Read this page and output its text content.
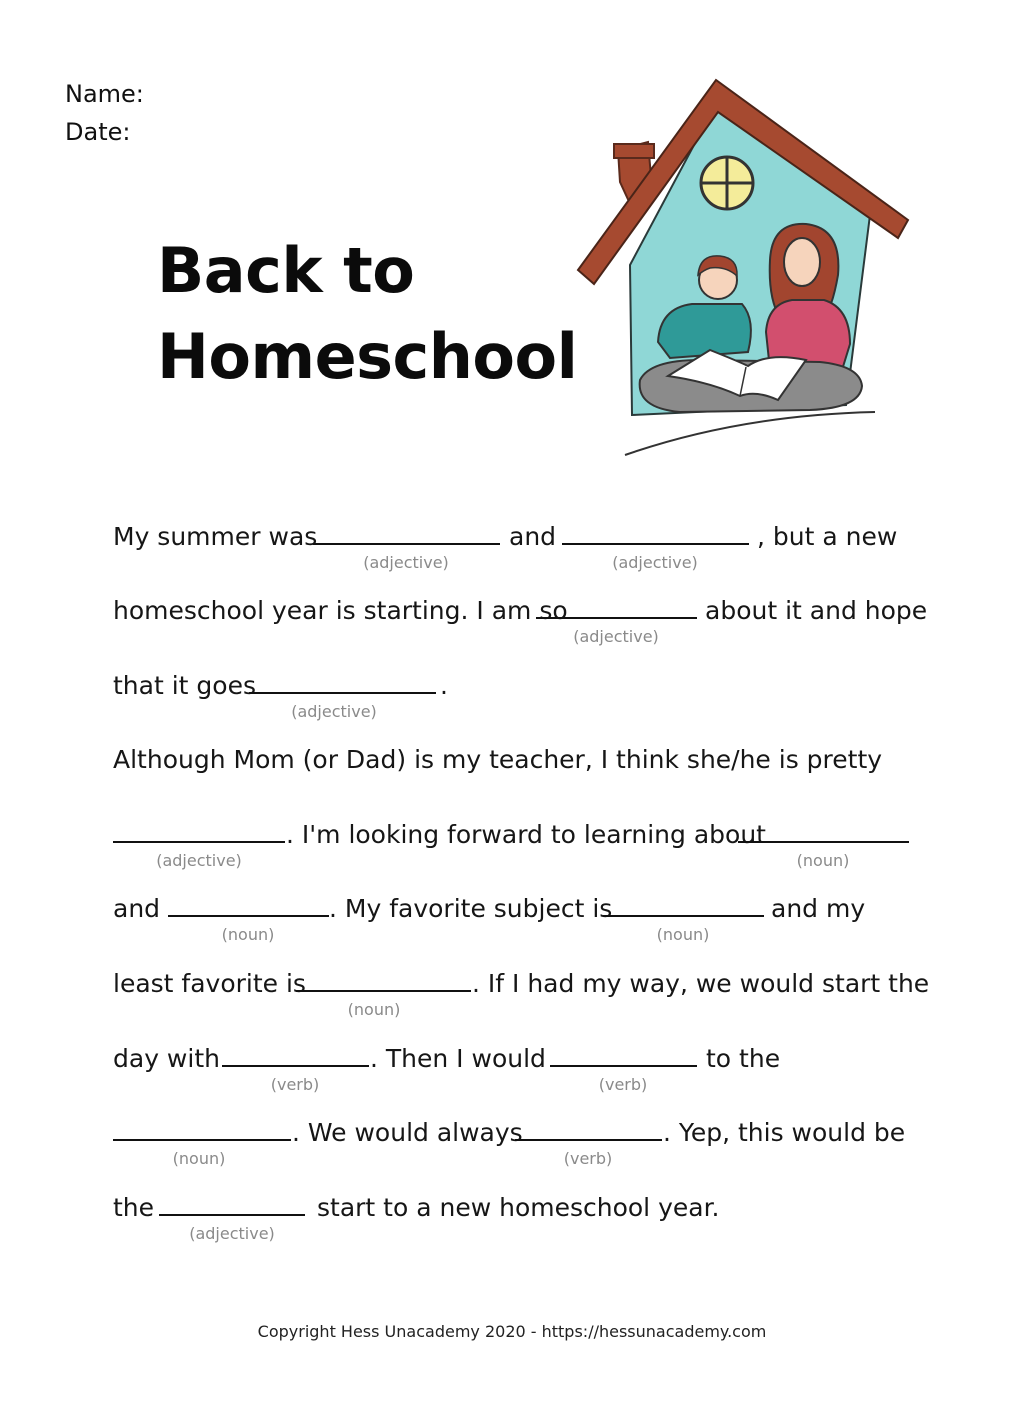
Name:
Date:
Back to
Homeschool
My summer was
(adjective)
and
(adjective)
, but a new
homeschool year is starting. I am so
(adjective)
about it and hope
that it goes
(adjective)
.
Although Mom (or Dad) is my teacher, I think she/he is pretty
(adjective)
. I'm looking forward to learning about
(noun)
and
(noun)
. My favorite subject is
(noun)
and my
least favorite is
(noun)
. If I had my way, we would start the
day with
(verb)
. Then I would
(verb)
to the
(noun)
. We would always
(verb)
. Yep, this would be
the
(adjective)
start to a new homeschool year.
Copyright Hess Unacademy 2020 - https://hessunacademy.com
